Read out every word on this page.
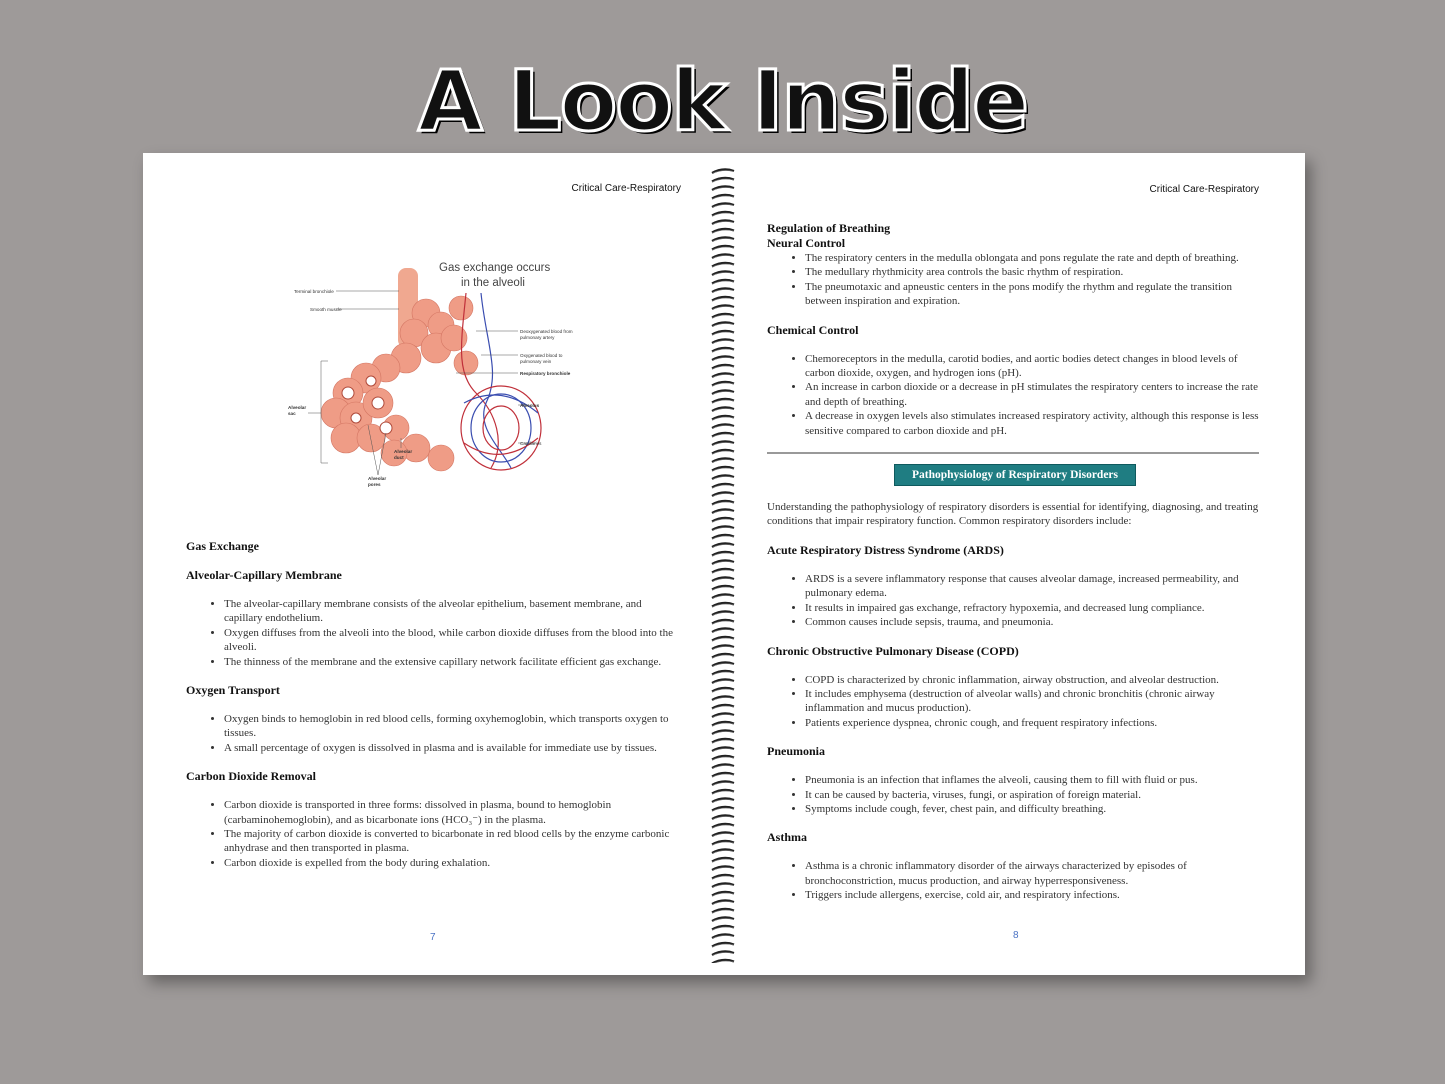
A Look Inside
Critical Care-Respiratory
Gas exchange occurs
in the alveoli
Terminal bronchiole
Smooth muscle
Deoxygenated blood from
pulmonary artery
Oxygenated blood to
pulmonary vein
Respiratory bronchiole
Alveolar
sac
Alveolus
Capillaries
Alveolar
duct
Alveolar
pores
Gas Exchange
Alveolar-Capillary Membrane
• The alveolar-capillary membrane consists of the alveolar epithelium, basement membrane, and capillary endothelium.
• Oxygen diffuses from the alveoli into the blood, while carbon dioxide diffuses from the blood into the alveoli.
• The thinness of the membrane and the extensive capillary network facilitate efficient gas exchange.
Oxygen Transport
• Oxygen binds to hemoglobin in red blood cells, forming oxyhemoglobin, which transports oxygen to tissues.
• A small percentage of oxygen is dissolved in plasma and is available for immediate use by tissues.
Carbon Dioxide Removal
• Carbon dioxide is transported in three forms: dissolved in plasma, bound to hemoglobin (carbaminohemoglobin), and as bicarbonate ions (HCO₃⁻) in the plasma.
• The majority of carbon dioxide is converted to bicarbonate in red blood cells by the enzyme carbonic anhydrase and then transported in plasma.
• Carbon dioxide is expelled from the body during exhalation.
7
Critical Care-Respiratory
Regulation of Breathing
Neural Control
• The respiratory centers in the medulla oblongata and pons regulate the rate and depth of breathing.
• The medullary rhythmicity area controls the basic rhythm of respiration.
• The pneumotaxic and apneustic centers in the pons modify the rhythm and regulate the transition between inspiration and expiration.
Chemical Control
• Chemoreceptors in the medulla, carotid bodies, and aortic bodies detect changes in blood levels of carbon dioxide, oxygen, and hydrogen ions (pH).
• An increase in carbon dioxide or a decrease in pH stimulates the respiratory centers to increase the rate and depth of breathing.
• A decrease in oxygen levels also stimulates increased respiratory activity, although this response is less sensitive compared to carbon dioxide and pH.
Pathophysiology of Respiratory Disorders

Understanding the pathophysiology of respiratory disorders is essential for identifying, diagnosing, and treating conditions that impair respiratory function. Common respiratory disorders include:

Acute Respiratory Distress Syndrome (ARDS)
• ARDS is a severe inflammatory response that causes alveolar damage, increased permeability, and pulmonary edema.
• It results in impaired gas exchange, refractory hypoxemia, and decreased lung compliance.
• Common causes include sepsis, trauma, and pneumonia.
Chronic Obstructive Pulmonary Disease (COPD)
• COPD is characterized by chronic inflammation, airway obstruction, and alveolar destruction.
• It includes emphysema (destruction of alveolar walls) and chronic bronchitis (chronic airway inflammation and mucus production).
• Patients experience dyspnea, chronic cough, and frequent respiratory infections.
Pneumonia
• Pneumonia is an infection that inflames the alveoli, causing them to fill with fluid or pus.
• It can be caused by bacteria, viruses, fungi, or aspiration of foreign material.
• Symptoms include cough, fever, chest pain, and difficulty breathing.
Asthma
• Asthma is a chronic inflammatory disorder of the airways characterized by episodes of bronchoconstriction, mucus production, and airway hyperresponsiveness.
• Triggers include allergens, exercise, cold air, and respiratory infections.
8
